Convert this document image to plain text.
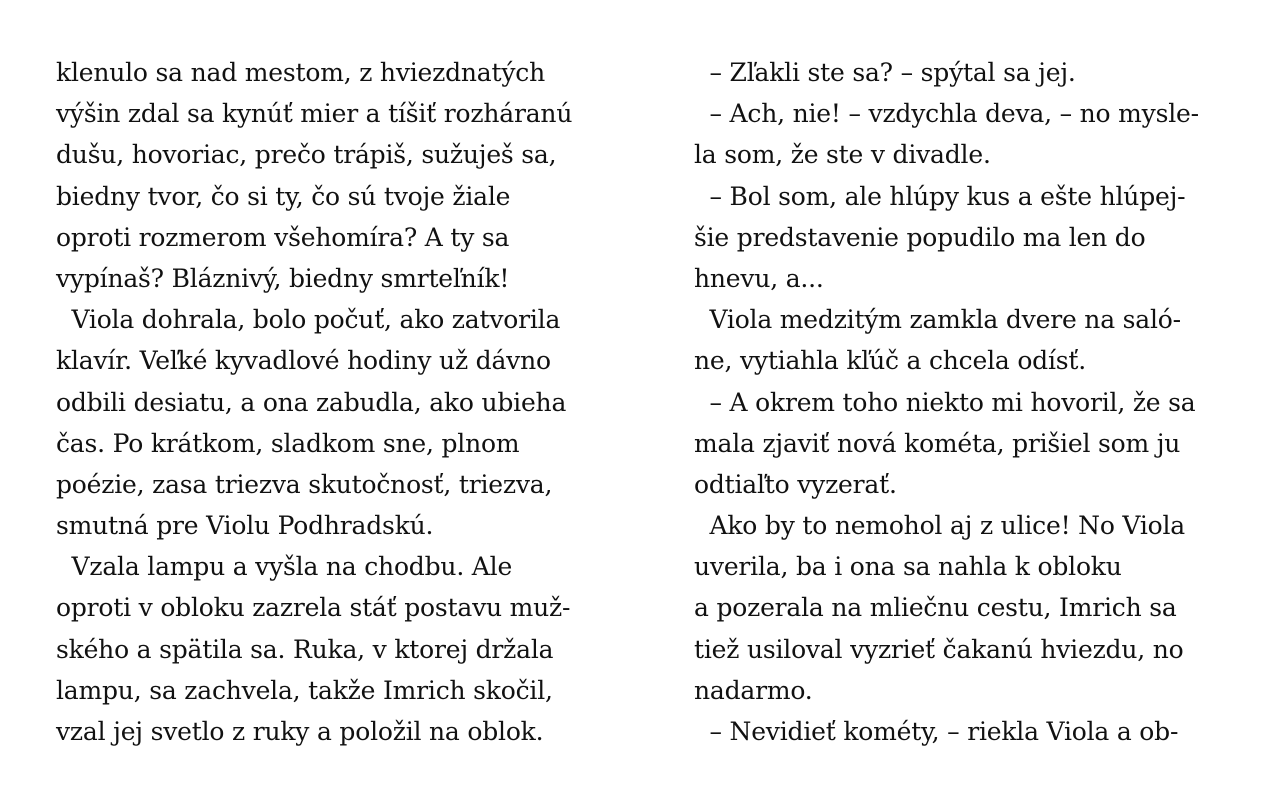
klenulo sa nad mestom, z hviezdnatých
výšin zdal sa kynúť mier a tíšiť rozháranú
dušu, hovoriac, prečo trápiš, sužuješ sa,
biedny tvor, čo si ty, čo sú tvoje žiale
oproti rozmerom všehomíra? A ty sa
vypínaš? Bláznivý, biedny smrteľník!
Viola dohrala, bolo počuť, ako zatvorila
klavír. Veľké kyvadlové hodiny už dávno
odbili desiatu, a ona zabudla, ako ubieha
čas. Po krátkom, sladkom sne, plnom
poézie, zasa triezva skutočnosť, triezva,
smutná pre Violu Podhradskú.
Vzala lampu a vyšla na chodbu. Ale
oproti v obloku zazrela stáť postavu muž-
ského a spätila sa. Ruka, v ktorej držala
lampu, sa zachvela, takže Imrich skočil,
vzal jej svetlo z ruky a položil na oblok.
– Zľakli ste sa? – spýtal sa jej.
– Ach, nie! – vzdychla deva, – no mysle-
la som, že ste v divadle.
– Bol som, ale hlúpy kus a ešte hlúpej-
šie predstavenie popudilo ma len do
hnevu, a...
Viola medzitým zamkla dvere na saló-
ne, vytiahla kľúč a chcela odísť.
– A okrem toho niekto mi hovoril, že sa
mala zjaviť nová kométa, prišiel som ju
odtiaľto vyzerať.
Ako by to nemohol aj z ulice! No Viola
uverila, ba i ona sa nahla k obloku
a pozerala na mliečnu cestu, Imrich sa
tiež usiloval vyzrieť čakanú hviezdu, no
nadarmo.
– Nevidieť kométy, – riekla Viola a ob-
